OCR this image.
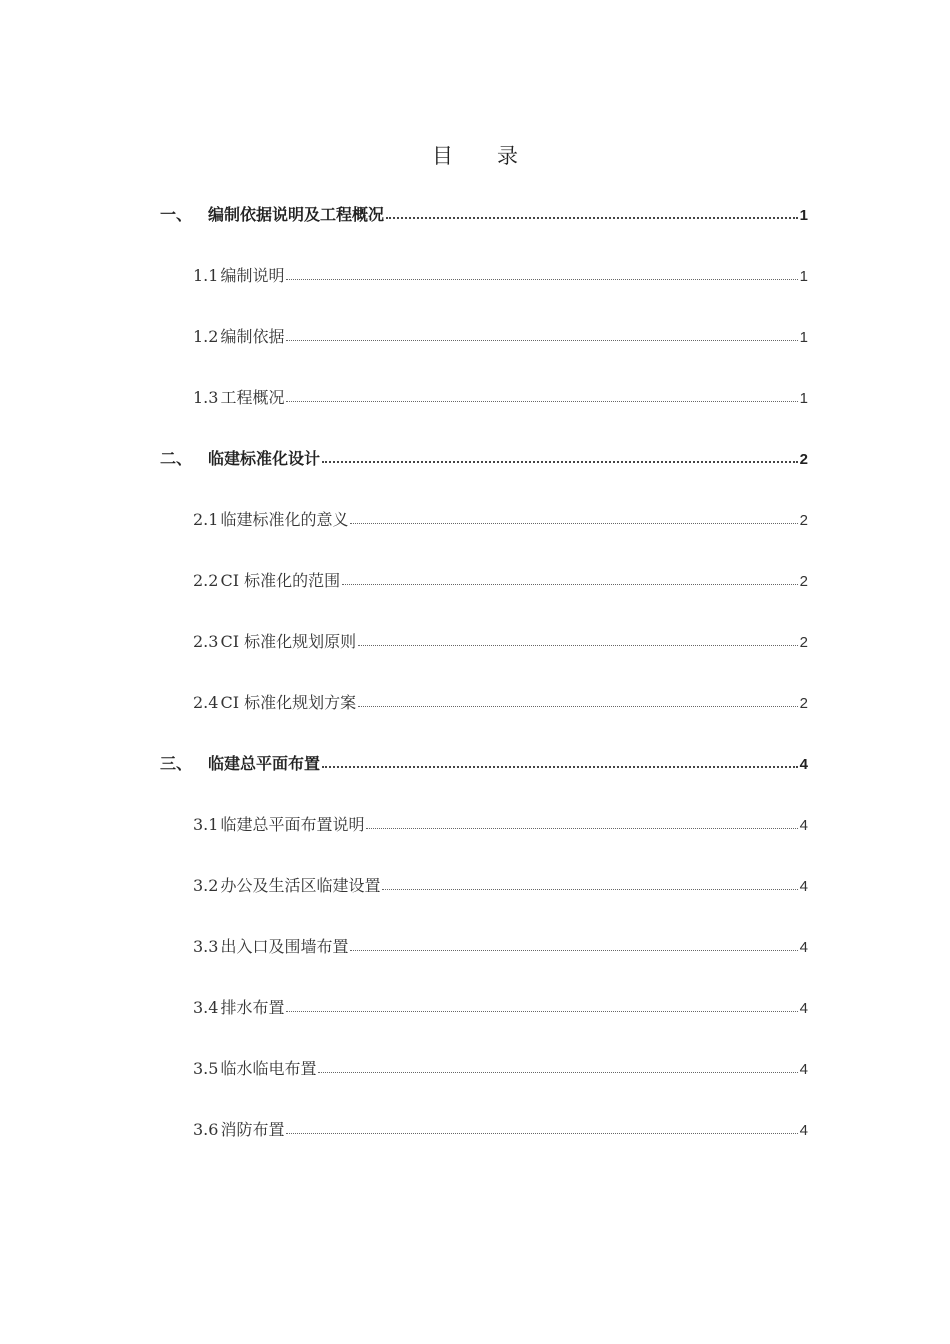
目 录
一、 编制依据说明及工程概况	1
1.1 编制说明	1
1.2 编制依据	1
1.3 工程概况	1
二、 临建标准化设计	2
2.1 临建标准化的意义	2
2.2 CI 标准化的范围	2
2.3 CI 标准化规划原则	2
2.4 CI 标准化规划方案	2
三、 临建总平面布置	4
3.1 临建总平面布置说明	4
3.2 办公及生活区临建设置	4
3.3 出入口及围墙布置	4
3.4 排水布置	4
3.5 临水临电布置	4
3.6 消防布置	4
